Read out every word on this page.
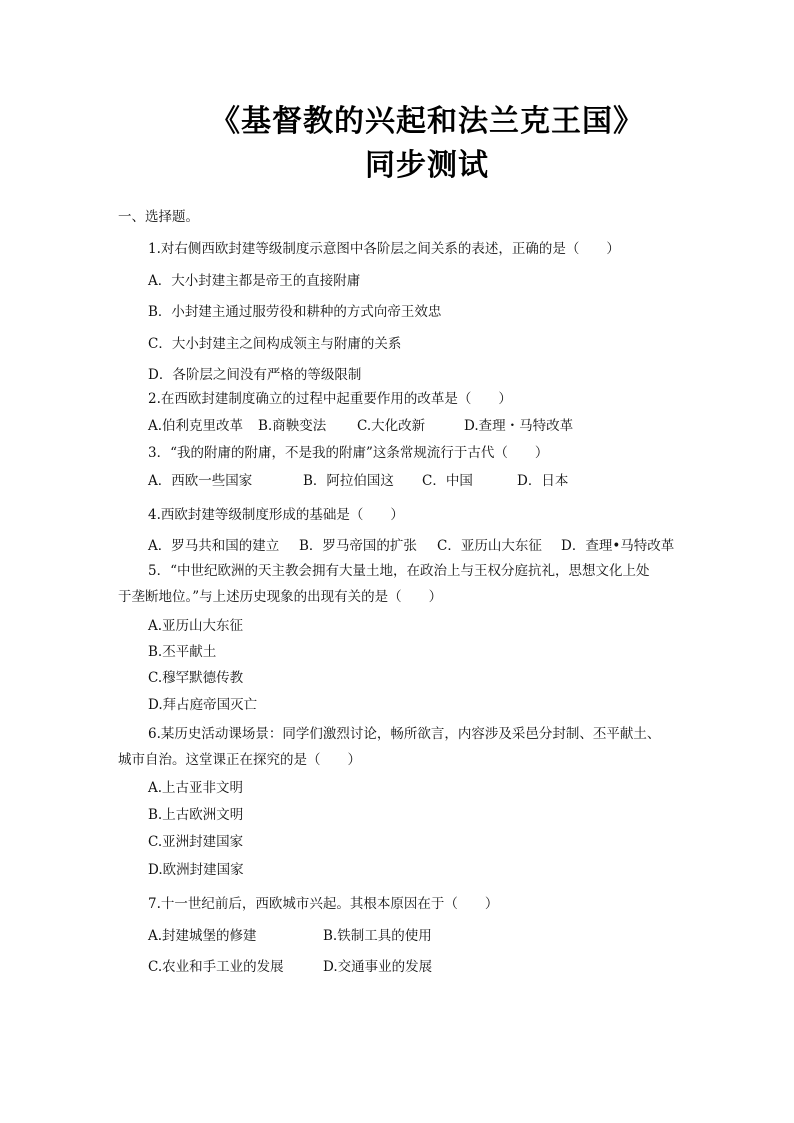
《基督教的兴起和法兰克王国》
同步测试
一、选择题。
1.对右侧西欧封建等级制度示意图中各阶层之间关系的表述，正确的是（　　）
A．大小封建主都是帝王的直接附庸
B．小封建主通过服劳役和耕种的方式向帝王效忠
C．大小封建主之间构成领主与附庸的关系
D．各阶层之间没有严格的等级限制
2.在西欧封建制度确立的过程中起重要作用的改革是（　　）
A.伯利克里改革 B.商鞅变法 C.大化改新	D.查理・马特改革
3．“我的附庸的附庸，不是我的附庸”这条常规流行于古代（　　）
A．西欧一些国家	B．阿拉伯国这 C．中国	D．日本
4.西欧封建等级制度形成的基础是（　　）
A．罗马共和国的建立 B．罗马帝国的扩张 C．亚历山大东征 D．查理•马特改革
5．“中世纪欧洲的天主教会拥有大量土地，在政治上与王权分庭抗礼，思想文化上处
于垄断地位。”与上述历史现象的出现有关的是（　　）
A.亚历山大东征
B.丕平献土
C.穆罕默德传教
D.拜占庭帝国灭亡
6.某历史活动课场景：同学们激烈讨论，畅所欲言，内容涉及采邑分封制、丕平献土、
城市自治。这堂课正在探究的是（　　）
A.上古亚非文明
B.上古欧洲文明
C.亚洲封建国家
D.欧洲封建国家
7.十一世纪前后，西欧城市兴起。其根本原因在于（　　）
A.封建城堡的修建	B.铁制工具的使用
C.农业和手工业的发展	D.交通事业的发展
